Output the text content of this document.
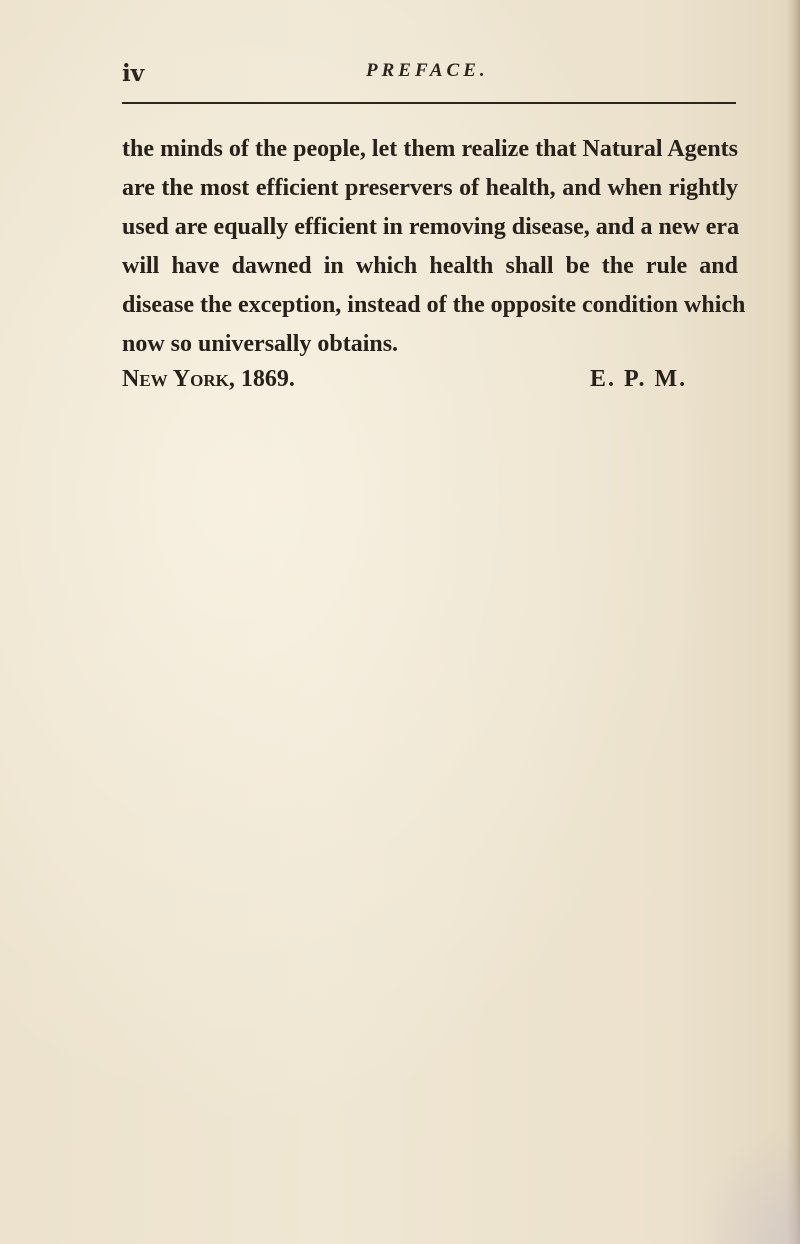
iv	PREFACE.
the minds of the people, let them realize that Natural Agents
are the most efficient preservers of health, and when rightly
used are equally efficient in removing disease, and a new era
will have dawned in which health shall be the rule and
disease the exception, instead of the opposite condition which
now so universally obtains.
New York, 1869.	E. P. M.
